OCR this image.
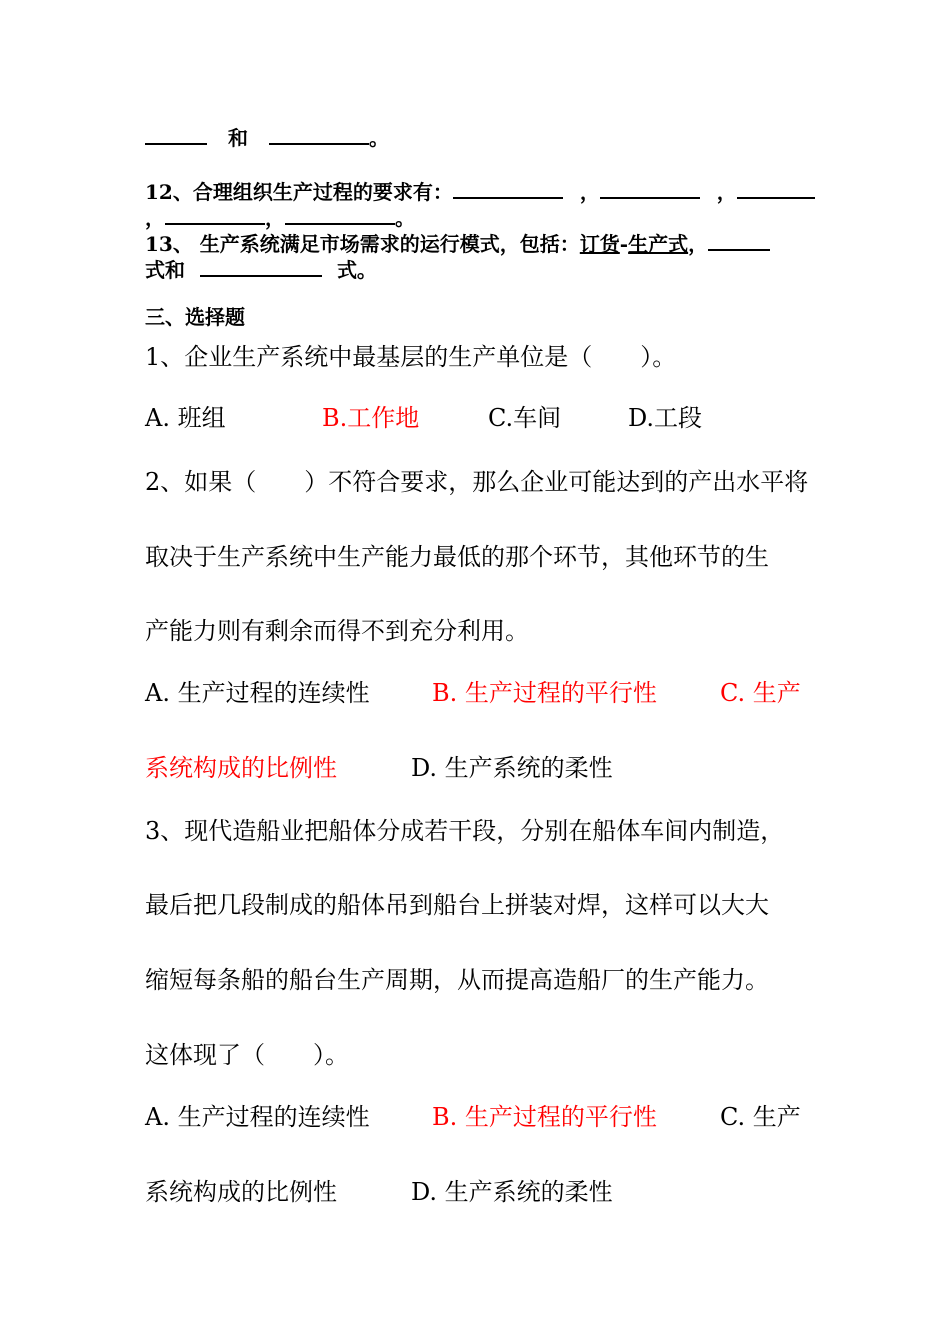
和	。
12、合理组织生产过程的要求有：	，	，
，	，	。
13、 生产系统满足市场需求的运行模式，包括：订货-生产式，
式和	式。
三、选择题
1、企业生产系统中最基层的生产单位是（　　）。
A. 班组	B.工作地	C.车间	D.工段
2、如果（　　）不符合要求，那么企业可能达到的产出水平将
取决于生产系统中生产能力最低的那个环节，其他环节的生
产能力则有剩余而得不到充分利用。
A. 生产过程的连续性	B. 生产过程的平行性	C. 生产
系统构成的比例性	D. 生产系统的柔性
3、现代造船业把船体分成若干段，分别在船体车间内制造，
最后把几段制成的船体吊到船台上拼装对焊，这样可以大大
缩短每条船的船台生产周期，从而提高造船厂的生产能力。
这体现了（　　）。
A. 生产过程的连续性	B. 生产过程的平行性	C. 生产
系统构成的比例性	D. 生产系统的柔性
